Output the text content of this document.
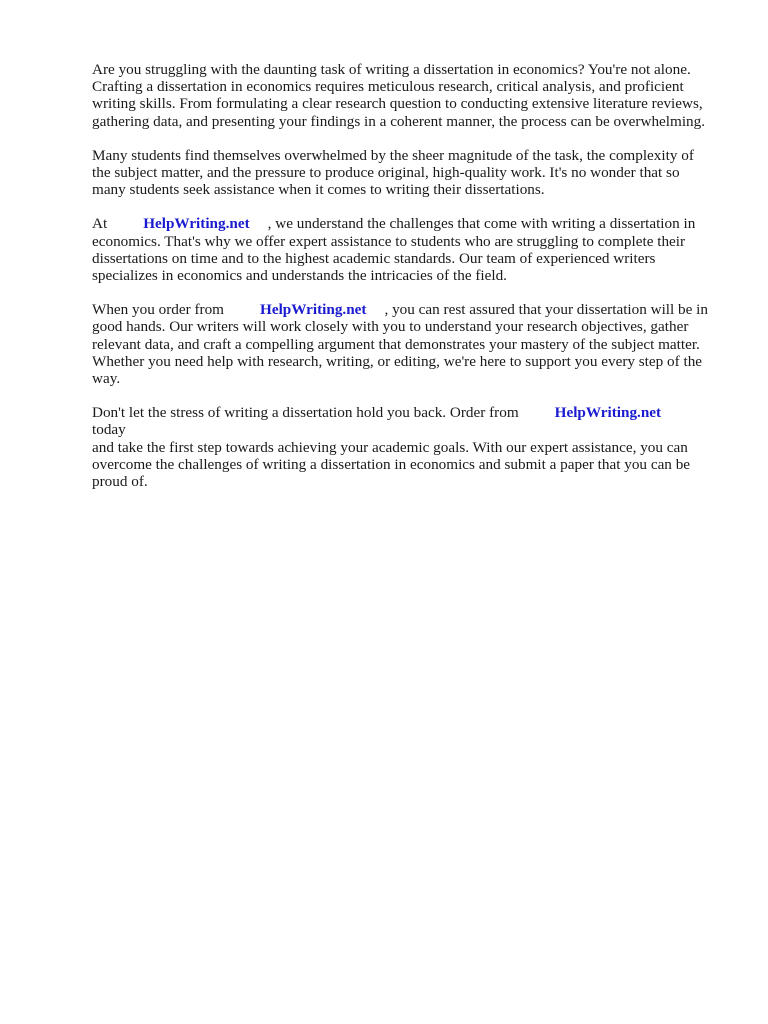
Are you struggling with the daunting task of writing a dissertation in economics? You're not alone.
Crafting a dissertation in economics requires meticulous research, critical analysis, and proficient
writing skills. From formulating a clear research question to conducting extensive literature reviews,
gathering data, and presenting your findings in a coherent manner, the process can be overwhelming.

Many students find themselves overwhelmed by the sheer magnitude of the task, the complexity of
the subject matter, and the pressure to produce original, high-quality work. It's no wonder that so
many students seek assistance when it comes to writing their dissertations.

At HelpWriting.net , we understand the challenges that come with writing a dissertation in
economics. That's why we offer expert assistance to students who are struggling to complete their
dissertations on time and to the highest academic standards. Our team of experienced writers
specializes in economics and understands the intricacies of the field.

When you order from HelpWriting.net , you can rest assured that your dissertation will be in
good hands. Our writers will work closely with you to understand your research objectives, gather
relevant data, and craft a compelling argument that demonstrates your mastery of the subject matter.
Whether you need help with research, writing, or editing, we're here to support you every step of the
way.

Don't let the stress of writing a dissertation hold you back. Order from HelpWriting.nettoday
and take the first step towards achieving your academic goals. With our expert assistance, you can
overcome the challenges of writing a dissertation in economics and submit a paper that you can be
proud of.
